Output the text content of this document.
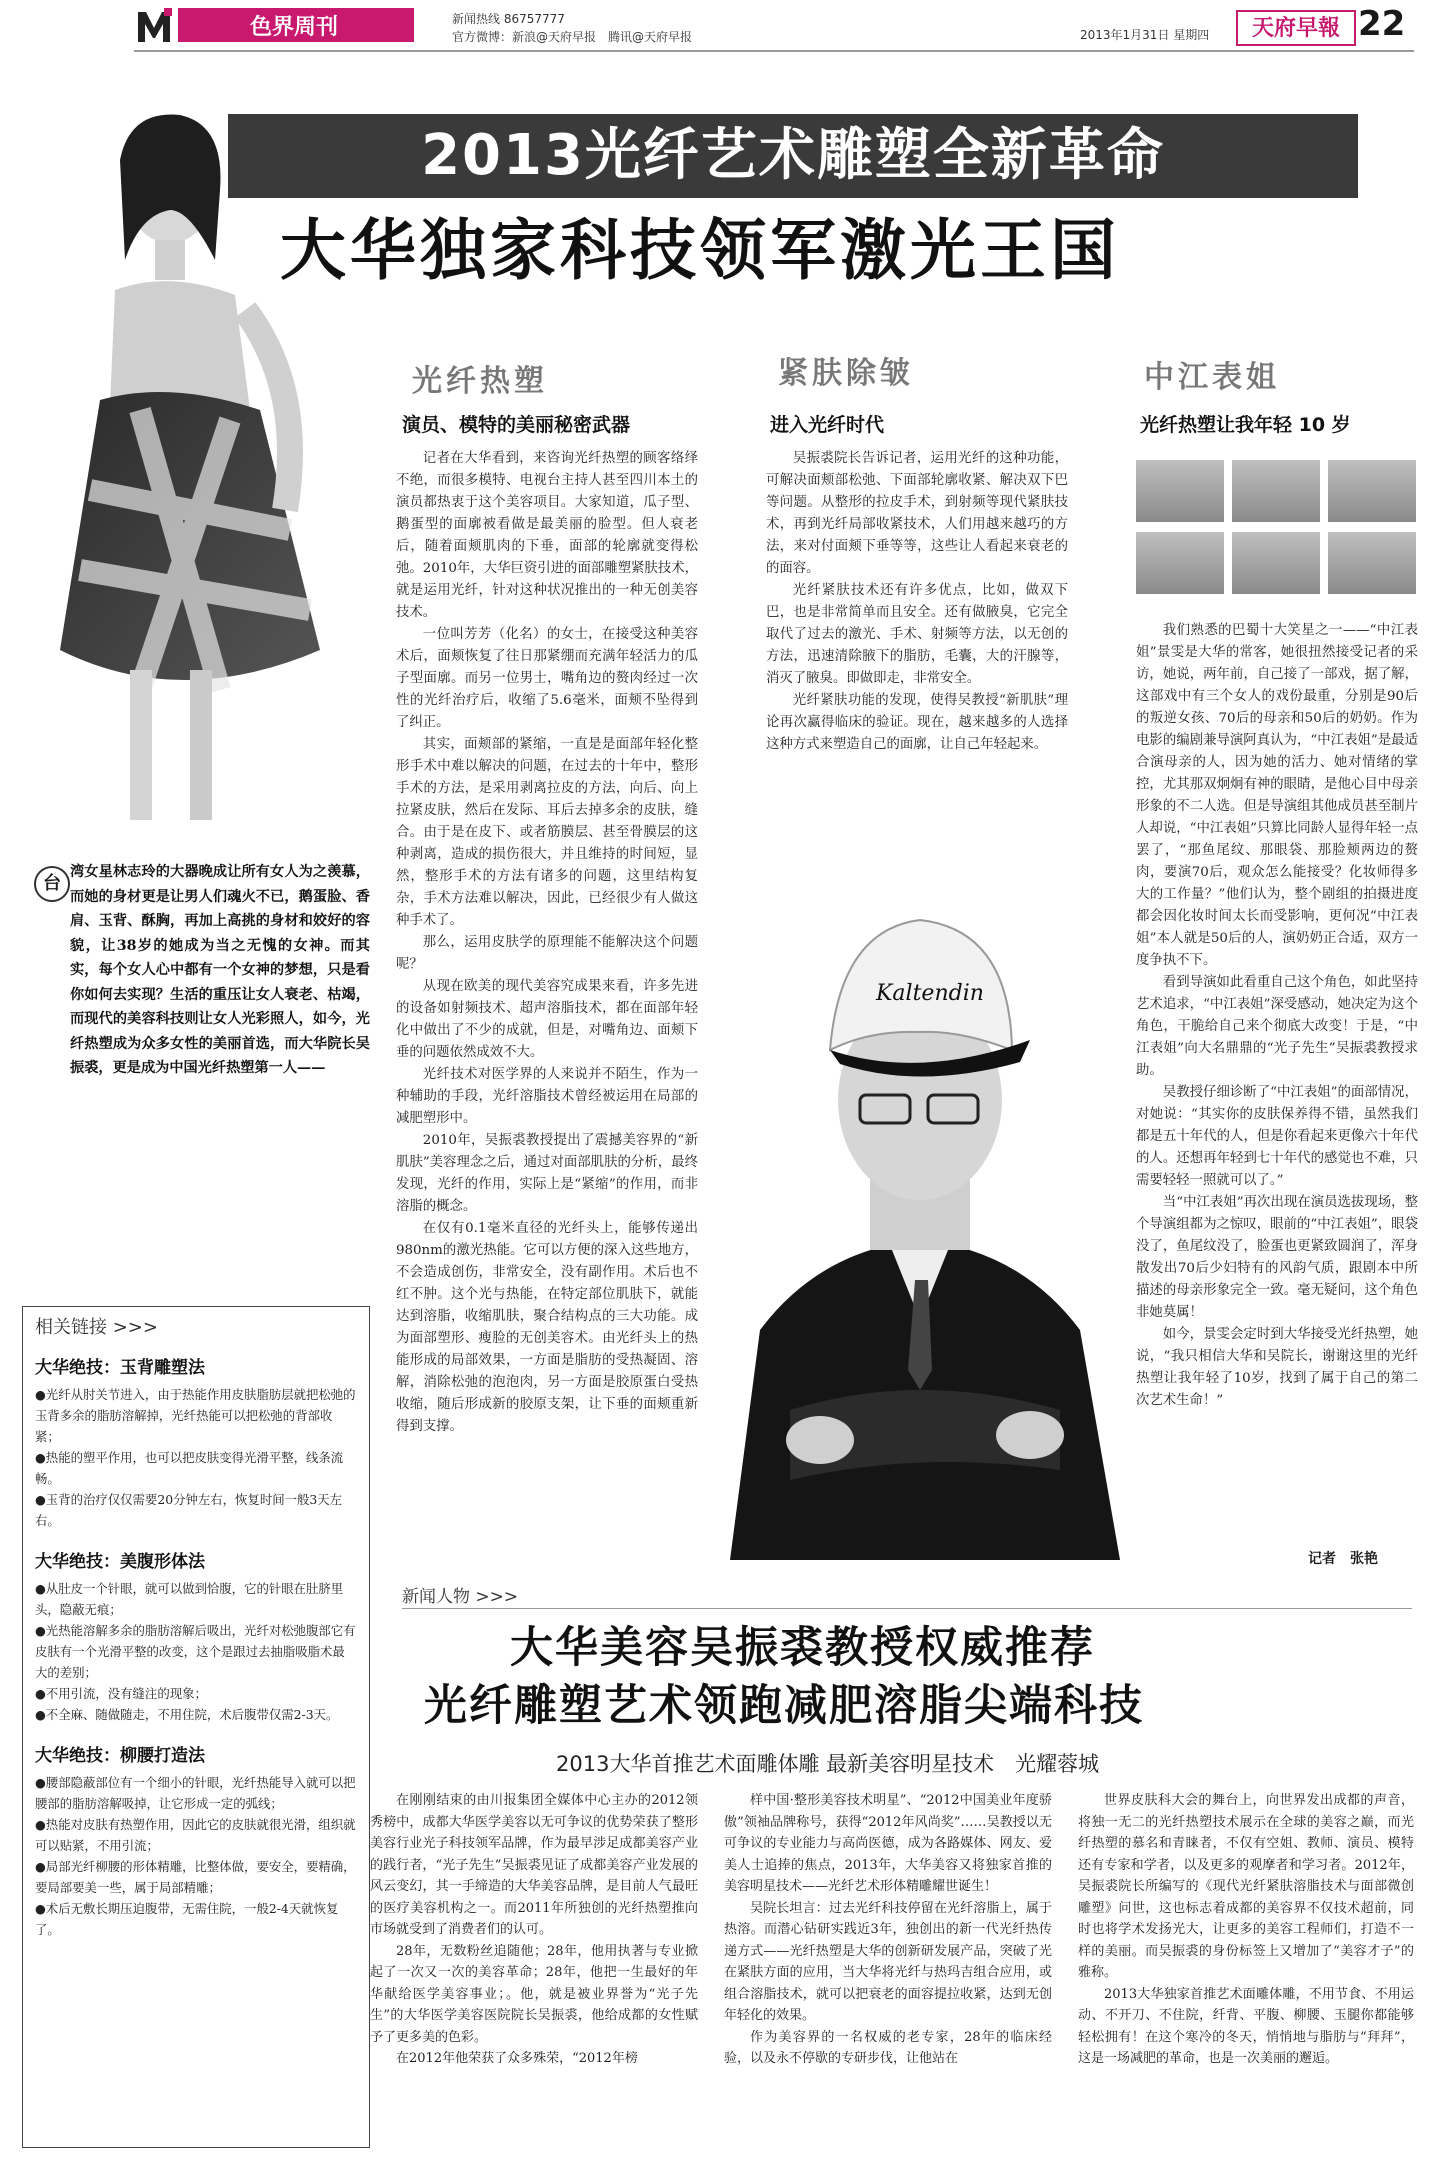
色界周刊	新闻热线 86757777
官方微博：新浪@天府早报　腾讯@天府早报	2013年1月31日 星期四	天府早報 22
2013光纤艺术雕塑全新革命
大华独家科技领军激光王国
台
湾女星林志玲的大器晚成让所有女人为之羡慕，而她的身材更是让男人们魂火不已，鹅蛋脸、香肩、玉背、酥胸，再加上高挑的身材和姣好的容貌，让38岁的她成为当之无愧的女神。而其实，每个女人心中都有一个女神的梦想，只是看你如何去实现？生活的重压让女人衰老、枯竭，而现代的美容科技则让女人光彩照人，如今，光纤热塑成为众多女性的美丽首选，而大华院长吴振裘，更是成为中国光纤热塑第一人——
光纤热塑
演员、模特的美丽秘密武器

记者在大华看到，来咨询光纤热塑的顾客络绎不绝，而很多模特、电视台主持人甚至四川本土的演员都热衷于这个美容项目。大家知道，瓜子型、鹅蛋型的面廓被看做是最美丽的脸型。但人衰老后，随着面颊肌肉的下垂，面部的轮廓就变得松弛。2010年，大华巨资引进的面部雕塑紧肤技术，就是运用光纤，针对这种状况推出的一种无创美容技术。

一位叫芳芳（化名）的女士，在接受这种美容术后，面颊恢复了往日那紧绷而充满年轻活力的瓜子型面廓。而另一位男士，嘴角边的赘肉经过一次性的光纤治疗后，收缩了5.6毫米，面颊不坠得到了纠正。

其实，面颊部的紧缩，一直是是面部年轻化整形手术中难以解决的问题，在过去的十年中，整形手术的方法，是采用剥离拉皮的方法，向后、向上拉紧皮肤，然后在发际、耳后去掉多余的皮肤，缝合。由于是在皮下、或者筋膜层、甚至骨膜层的这种剥离，造成的损伤很大，并且维持的时间短，显然，整形手术的方法有诸多的问题，这里结构复杂，手术方法难以解决，因此，已经很少有人做这种手术了。

那么，运用皮肤学的原理能不能解决这个问题呢？

从现在欧美的现代美容究成果来看，许多先进的设备如射频技术、超声溶脂技术，都在面部年轻化中做出了不少的成就，但是，对嘴角边、面颊下垂的问题依然成效不大。

光纤技术对医学界的人来说并不陌生，作为一种辅助的手段，光纤溶脂技术曾经被运用在局部的减肥塑形中。

2010年，吴振裘教授提出了震撼美容界的“新肌肤”美容理念之后，通过对面部肌肤的分析，最终发现，光纤的作用，实际上是“紧缩”的作用，而非溶脂的概念。

在仅有0.1毫米直径的光纤头上，能够传递出980nm的激光热能。它可以方便的深入这些地方，不会造成创伤，非常安全，没有副作用。术后也不红不肿。这个光与热能，在特定部位肌肤下，就能达到溶脂，收缩肌肤，聚合结构点的三大功能。成为面部塑形、瘦脸的无创美容术。由光纤头上的热能形成的局部效果，一方面是脂肪的受热凝固、溶解，消除松弛的泡泡肉，另一方面是胶原蛋白受热收缩，随后形成新的胶原支架，让下垂的面颊重新得到支撑。

紧肤除皱
进入光纤时代

吴振裘院长告诉记者，运用光纤的这种功能，可解决面颊部松弛、下面部轮廓收紧、解决双下巴等问题。从整形的拉皮手术，到射频等现代紧肤技术，再到光纤局部收紧技术，人们用越来越巧的方法，来对付面颊下垂等等，这些让人看起来衰老的的面容。

光纤紧肤技术还有许多优点，比如，做双下巴，也是非常简单而且安全。还有做腋臭，它完全取代了过去的激光、手术、射频等方法，以无创的方法，迅速清除腋下的脂肪，毛囊，大的汗腺等，消灭了腋臭。即做即走，非常安全。

光纤紧肤功能的发现，使得吴教授“新肌肤”理论再次赢得临床的验证。现在，越来越多的人选择这种方式来塑造自己的面廓，让自己年轻起来。

Kaltendin
中江表姐
光纤热塑让我年轻 10 岁

我们熟悉的巴蜀十大笑星之一——“中江表姐”景雯是大华的常客，她很扭然接受记者的采访，她说，两年前，自己接了一部戏，据了解，这部戏中有三个女人的戏份最重，分别是90后的叛逆女孩、70后的母亲和50后的奶奶。作为电影的编剧兼导演阿真认为，“中江表姐”是最适合演母亲的人，因为她的活力、她对情绪的掌控，尤其那双炯炯有神的眼睛，是他心目中母亲形象的不二人选。但是导演组其他成员甚至制片人却说，“中江表姐”只算比同龄人显得年轻一点罢了，“那鱼尾纹、那眼袋、那脸颊两边的赘肉，要演70后，观众怎么能接受？化妆师得多大的工作量？”他们认为，整个剧组的拍摄进度都会因化妆时间太长而受影响，更何况“中江表姐”本人就是50后的人，演奶奶正合适，双方一度争执不下。

看到导演如此看重自己这个角色，如此坚持艺术追求，“中江表姐”深受感动，她决定为这个角色，干脆给自己来个彻底大改变！于是，“中江表姐”向大名鼎鼎的“光子先生”吴振裘教授求助。

吴教授仔细诊断了“中江表姐”的面部情况，对她说：“其实你的皮肤保养得不错，虽然我们都是五十年代的人，但是你看起来更像六十年代的人。还想再年轻到七十年代的感觉也不难，只需要轻轻一照就可以了。”

当“中江表姐”再次出现在演员选拔现场，整个导演组都为之惊叹，眼前的“中江表姐”，眼袋没了，鱼尾纹没了，脸蛋也更紧致圆润了，浑身散发出70后少妇特有的风韵气质，跟剧本中所描述的母亲形象完全一致。毫无疑问，这个角色非她莫属！

如今，景雯会定时到大华接受光纤热塑，她说，“我只相信大华和吴院长，谢谢这里的光纤热塑让我年轻了10岁，找到了属于自己的第二次艺术生命！”

记者　张艳
相关链接 >>>
大华绝技：玉背雕塑法
●光纤从肘关节进入，由于热能作用皮肤脂肪层就把松弛的玉背多余的脂肪溶解掉，光纤热能可以把松弛的背部收紧；
●热能的塑平作用，也可以把皮肤变得光滑平整，线条流畅。
●玉背的治疗仅仅需要20分钟左右，恢复时间一般3天左右。
大华绝技：美腹形体法
●从肚皮一个针眼，就可以做到恰腹，它的针眼在肚脐里头，隐蔽无痕；
●光热能溶解多余的脂肪溶解后吸出，光纤对松弛腹部它有皮肤有一个光滑平整的改变，这个是跟过去抽脂吸脂术最大的差别；
●不用引流，没有缝注的现象；
●不全麻、随做随走，不用住院，术后腹带仅需2-3天。
大华绝技：柳腰打造法
●腰部隐蔽部位有一个细小的针眼，光纤热能导入就可以把腰部的脂肪溶解吸掉，让它形成一定的弧线；
●热能对皮肤有热塑作用，因此它的皮肤就很光滑，组织就可以贴紧，不用引流；
●局部光纤柳腰的形体精雕，比整体做，要安全，要精确，要局部要美一些，属于局部精雕；
●术后无敷长期压迫腹带，无需住院，一般2-4天就恢复了。
新闻人物 >>>
大华美容吴振裘教授权威推荐
光纤雕塑艺术领跑减肥溶脂尖端科技
2013大华首推艺术面雕体雕 最新美容明星技术　光耀蓉城

在刚刚结束的由川报集团全媒体中心主办的2012领秀榜中，成都大华医学美容以无可争议的优势荣获了整形美容行业光子科技领军品牌，作为最早涉足成都美容产业的践行者，“光子先生”吴振裘见证了成都美容产业发展的风云变幻，其一手缔造的大华美容品牌，是目前人气最旺的医疗美容机构之一。而2011年所独创的光纤热塑推向市场就受到了消费者们的认可。

28年，无数粉丝追随他；28年，他用执著与专业掀起了一次又一次的美容革命；28年，他把一生最好的年华献给医学美容事业；。他，就是被业界誉为“光子先生”的大华医学美容医院院长吴振裘，他给成都的女性赋予了更多美的色彩。

在2012年他荣获了众多殊荣，“2012年榜

样中国·整形美容技术明星”、“2012中国美业年度骄傲”领袖品牌称号，获得“2012年风尚奖”……吴教授以无可争议的专业能力与高尚医德，成为各路媒体、网友、爱美人士追捧的焦点，2013年，大华美容又将独家首推的美容明星技术——光纤艺术形体精雕耀世诞生！

吴院长坦言：过去光纤科技停留在光纤溶脂上，属于热溶。而潜心钻研实践近3年，独创出的新一代光纤热传递方式——光纤热塑是大华的创新研发展产品，突破了光在紧肤方面的应用，当大华将光纤与热玛吉组合应用，或组合溶脂技术，就可以把衰老的面容提拉收紧，达到无创年轻化的效果。

作为美容界的一名权威的老专家，28年的临床经验，以及永不停歇的专研步伐，让他站在

世界皮肤科大会的舞台上，向世界发出成都的声音，将独一无二的光纤热塑技术展示在全球的美容之巅，而光纤热塑的慕名和青睐者，不仅有空姐、教师、演员、模特还有专家和学者，以及更多的观摩者和学习者。2012年，吴振裘院长所编写的《现代光纤紧肤溶脂技术与面部微创雕塑》问世，这也标志着成都的美容界不仅技术超前，同时也将学术发扬光大，让更多的美容工程师们，打造不一样的美丽。而吴振裘的身份标签上又增加了“美容才子”的雅称。

2013大华独家首推艺术面雕体雕，不用节食、不用运动、不开刀、不住院，纤背、平腹、柳腰、玉腿你都能够轻松拥有！在这个寒冷的冬天，悄悄地与脂肪与“拜拜”，这是一场减肥的革命，也是一次美丽的邂逅。
